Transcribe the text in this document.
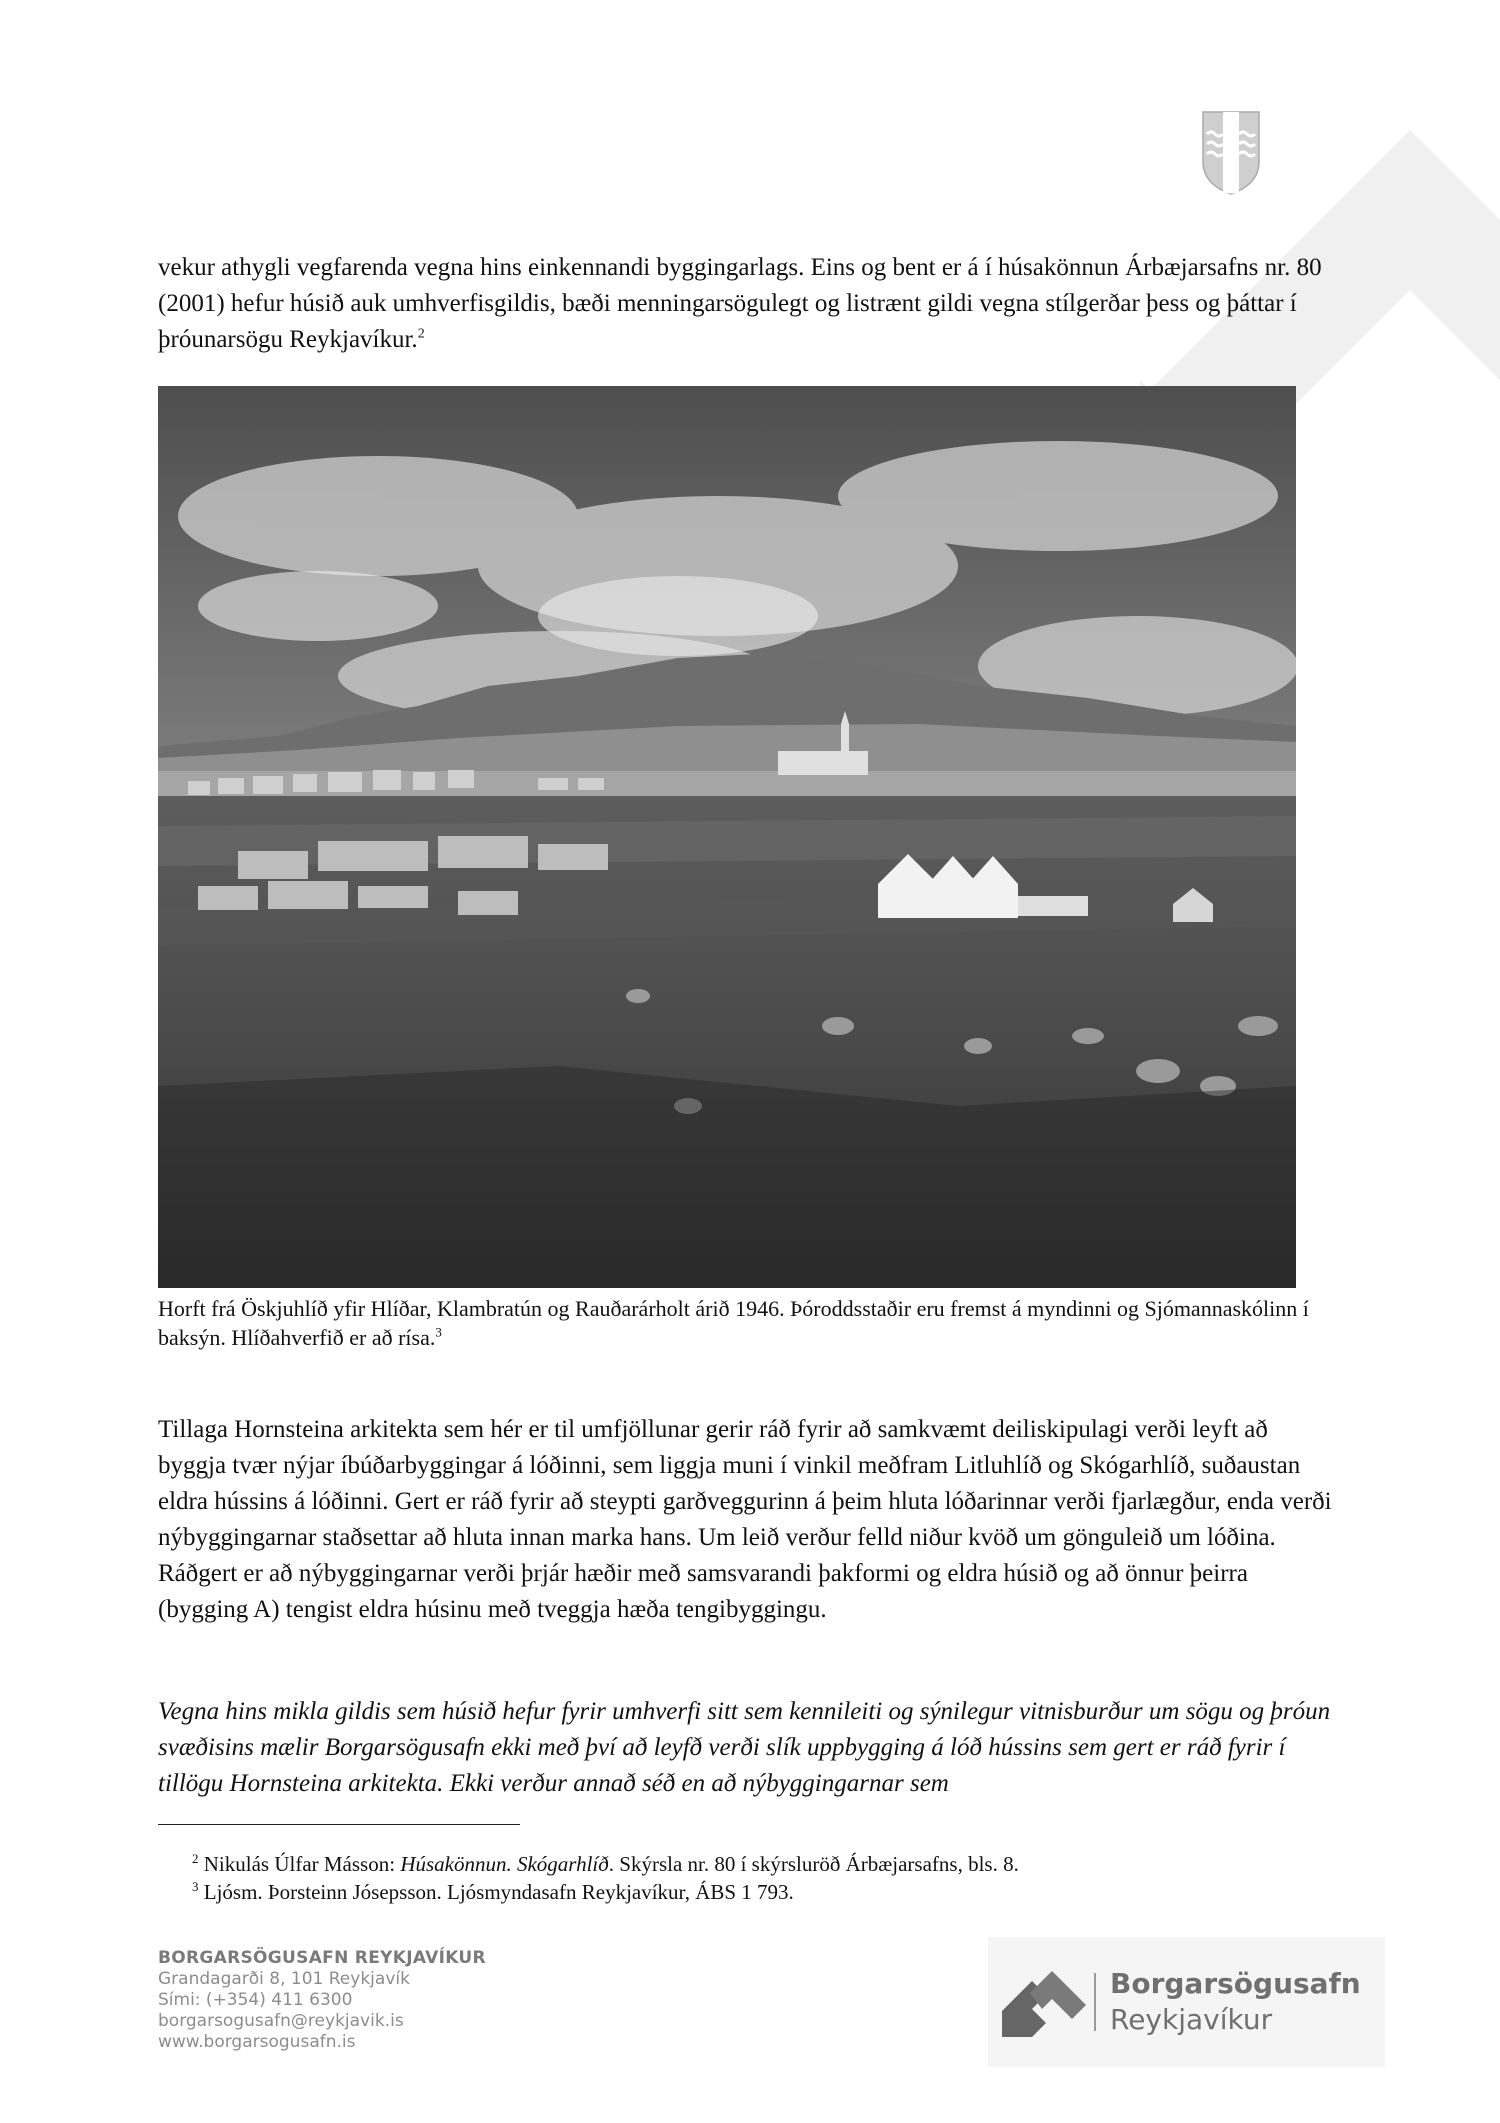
vekur athygli vegfarenda vegna hins einkennandi byggingarlags. Eins og bent er á í húsakönnun Árbæjarsafns nr. 80 (2001) hefur húsið auk umhverfisgildis, bæði menningarsögulegt og listrænt gildi vegna stílgerðar þess og þáttar í þróunarsögu Reykjavíkur.$^2$

Horft frá Öskjuhlíð yfir Hlíðar, Klambratún og Rauðarárholt árið 1946. Þóroddsstaðir eru fremst á myndinni og Sjómannaskólinn í baksýn. Hlíðahverfið er að rísa.$^3$

Tillaga Hornsteina arkitekta sem hér er til umfjöllunar gerir ráð fyrir að samkvæmt deiliskipulagi verði leyft að byggja tvær nýjar íbúðarbyggingar á lóðinni, sem liggja muni í vinkil meðfram Litluhlíð og Skógarhlíð, suðaustan eldra hússins á lóðinni. Gert er ráð fyrir að steypti garðveggurinn á þeim hluta lóðarinnar verði fjarlægður, enda verði nýbyggingarnar staðsettar að hluta innan marka hans. Um leið verður felld niður kvöð um gönguleið um lóðina. Ráðgert er að nýbyggingarnar verði þrjár hæðir með samsvarandi þakformi og eldra húsið og að önnur þeirra (bygging A) tengist eldra húsinu með tveggja hæða tengibyggingu.

Vegna hins mikla gildis sem húsið hefur fyrir umhverfi sitt sem kennileiti og sýnilegur vitnisburður um sögu og þróun svæðisins mælir Borgarsögusafn ekki með því að leyfð verði slík uppbygging á lóð hússins sem gert er ráð fyrir í tillögu Hornsteina arkitekta. Ekki verður annað séð en að nýbyggingarnar sem

$^2$ Nikulás Úlfar Másson: Húsakönnun. Skógarhlíð. Skýrsla nr. 80 í skýrsluröð Árbæjarsafns, bls. 8.

$^3$ Ljósm. Þorsteinn Jósepsson. Ljósmyndasafn Reykjavíkur, ÁBS 1 793.

BORGARSÖGUSAFN REYKJAVÍKUR
Grandagarði 8, 101 Reykjavík
Sími: (+354) 411 6300
borgarsogusafn@reykjavik.is
www.borgarsogusafn.is
Borgarsögusafn
Reykjavíkur
